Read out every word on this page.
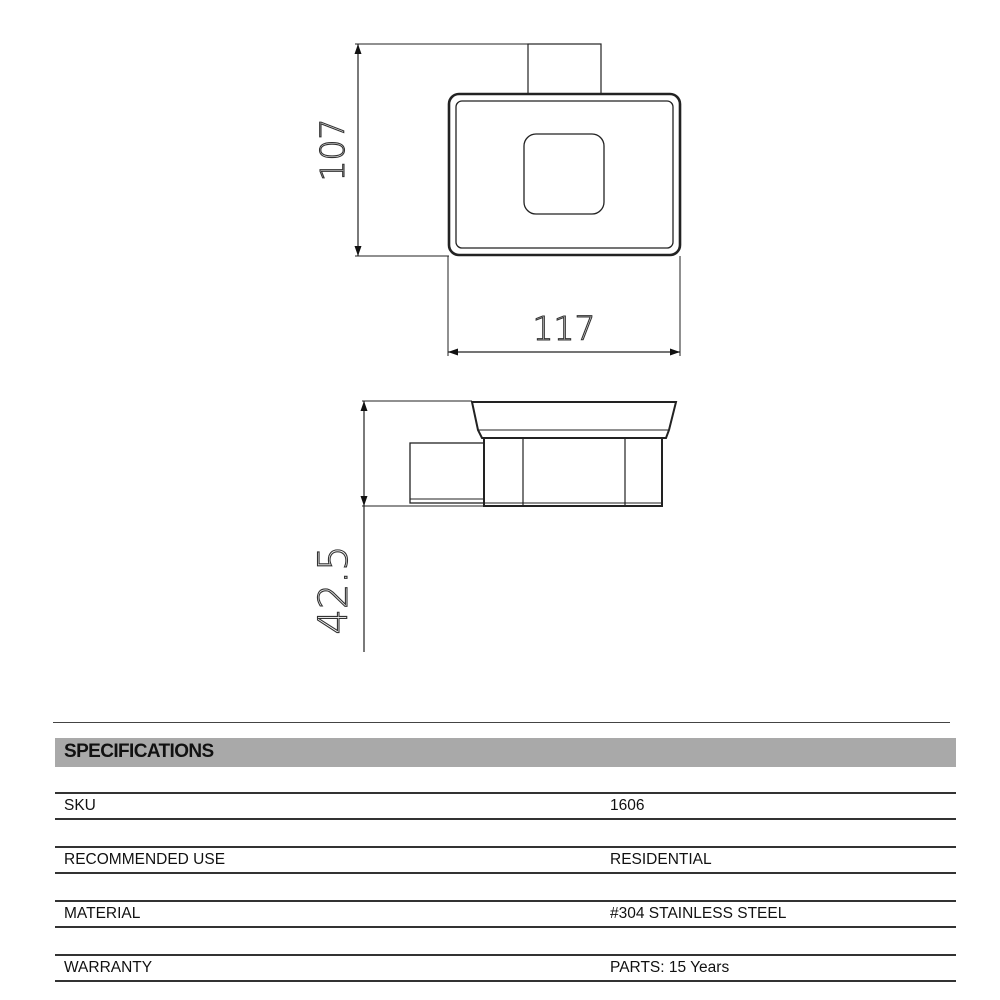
107
117
42.5
SPECIFICATIONS
SKU	1606
RECOMMENDED USE	RESIDENTIAL
MATERIAL	#304 STAINLESS STEEL
WARRANTY	PARTS: 15 Years
